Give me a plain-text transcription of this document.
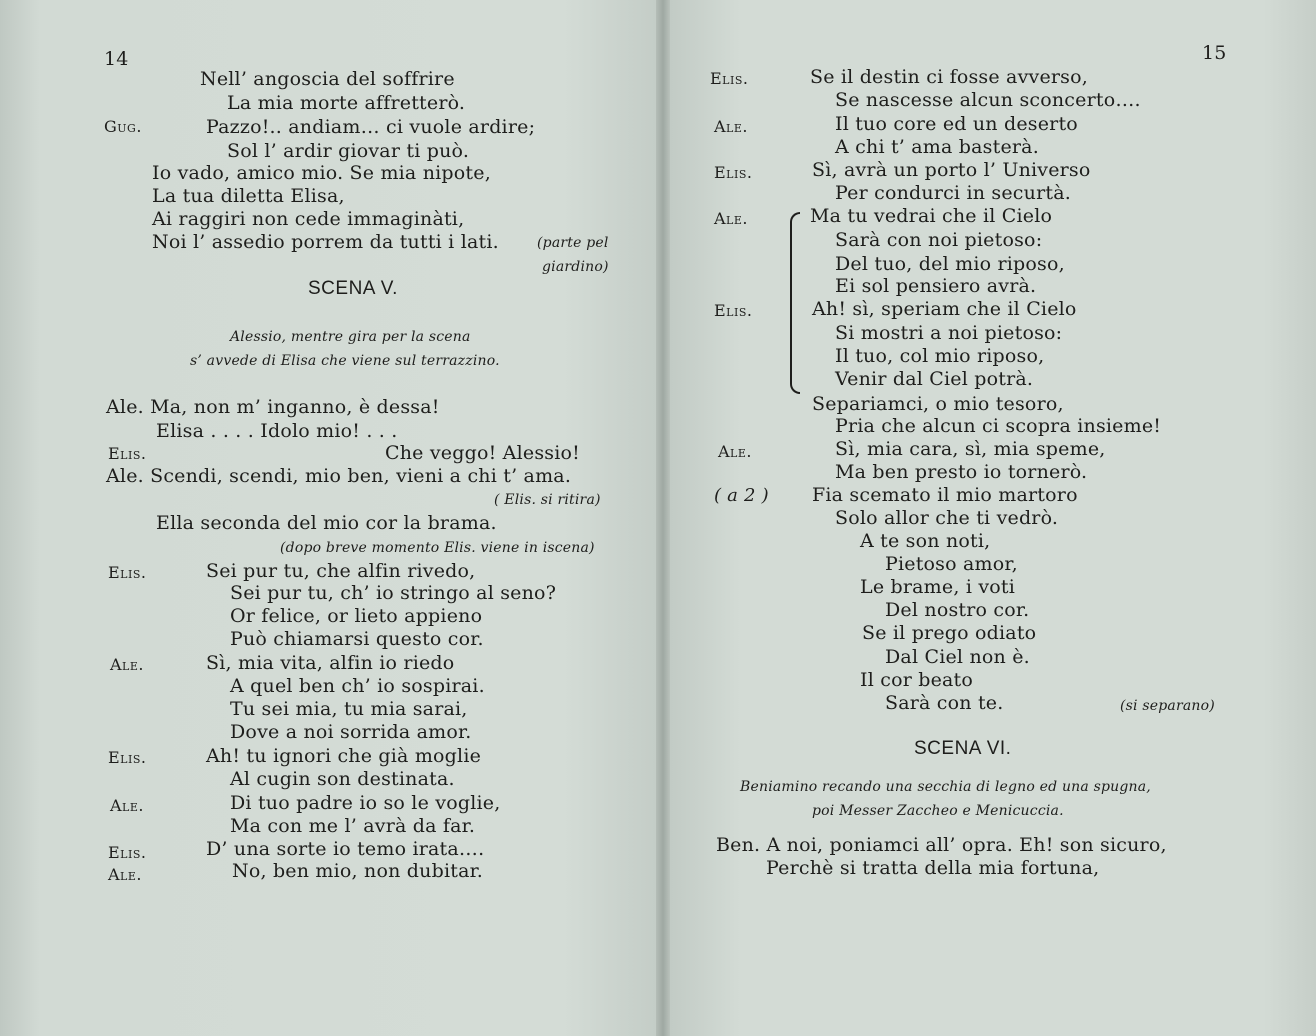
14
Nell’ angoscia del soffrire
La mia morte affretterò.
Gug.	Pazzo!.. andiam… ci vuole ardire;
Sol l’ ardir giovar ti può.
Io vado, amico mio. Se mia nipote,
La tua diletta Elisa,
Ai raggiri non cede immaginàti,
Noi l’ assedio porrem da tutti i lati.	(parte pel
giardino)
SCENA V.
Alessio, mentre gira per la scena
s’ avvede di Elisa che viene sul terrazzino.
Ale. Ma, non m’ inganno, è dessa!
Elisa . . . . Idolo mio! . . .
Elis.	Che veggo! Alessio!
Ale. Scendi, scendi, mio ben, vieni a chi t’ ama.
( Elis. si ritira)
Ella seconda del mio cor la brama.
(dopo breve momento Elis. viene in iscena)
Elis.	Sei pur tu, che alfin rivedo,
Sei pur tu, ch’ io stringo al seno?
Or felice, or lieto appieno
Può chiamarsi questo cor.
Ale.	Sì, mia vita, alfin io riedo
A quel ben ch’ io sospirai.
Tu sei mia, tu mia sarai,
Dove a noi sorrida amor.
Elis.	Ah! tu ignori che già moglie
Al cugin son destinata.
Ale.	Di tuo padre io so le voglie,
Ma con me l’ avrà da far.
Elis.	D’ una sorte io temo irata….
Ale.	No, ben mio, non dubitar.
15
Elis.	Se il destin ci fosse avverso,
Se nascesse alcun sconcerto….
Ale.	Il tuo core ed un deserto
A chi t’ ama basterà.
Elis.	Sì, avrà un porto l’ Universo
Per condurci in securtà.
Ale.	Ma tu vedrai che il Cielo
Sarà con noi pietoso:
Del tuo, del mio riposo,
Ei sol pensiero avrà.
Elis.	Ah! sì, speriam che il Cielo
Si mostri a noi pietoso:
Il tuo, col mio riposo,
Venir dal Ciel potrà.
Separiamci, o mio tesoro,
Pria che alcun ci scopra insieme!
Ale.	Sì, mia cara, sì, mia speme,
Ma ben presto io tornerò.
( a 2 ) Fia scemato il mio martoro
Solo allor che ti vedrò.
A te son noti,
Pietoso amor,
Le brame, i voti
Del nostro cor.
Se il prego odiato
Dal Ciel non è.
Il cor beato
Sarà con te.	(si separano)
SCENA VI.
Beniamino recando una secchia di legno ed una spugna,
poi Messer Zaccheo e Menicuccia.
Ben. A noi, poniamci all’ opra. Eh! son sicuro,
Perchè si tratta della mia fortuna,
